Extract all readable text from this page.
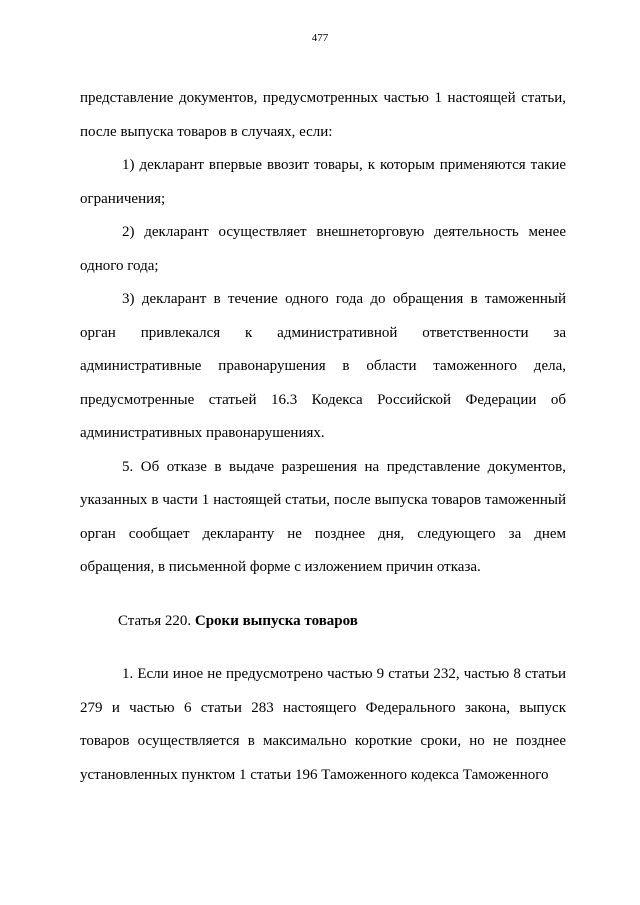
477

представление документов, предусмотренных частью 1 настоящей статьи, после выпуска товаров в случаях, если:

1) декларант впервые ввозит товары, к которым применяются такие ограничения;

2) декларант осуществляет внешнеторговую деятельность менее одного года;

3) декларант в течение одного года до обращения в таможенный орган привлекался к административной ответственности за административные правонарушения в области таможенного дела, предусмотренные статьей 16.3 Кодекса Российской Федерации об административных правонарушениях.

5. Об отказе в выдаче разрешения на представление документов, указанных в части 1 настоящей статьи, после выпуска товаров таможенный орган сообщает декларанту не позднее дня, следующего за днем обращения, в письменной форме с изложением причин отказа.

Статья 220. Сроки выпуска товаров

1. Если иное не предусмотрено частью 9 статьи 232, частью 8 статьи 279 и частью 6 статьи 283 настоящего Федерального закона, выпуск товаров осуществляется в максимально короткие сроки, но не позднее установленных пунктом 1 статьи 196 Таможенного кодекса Таможенного
